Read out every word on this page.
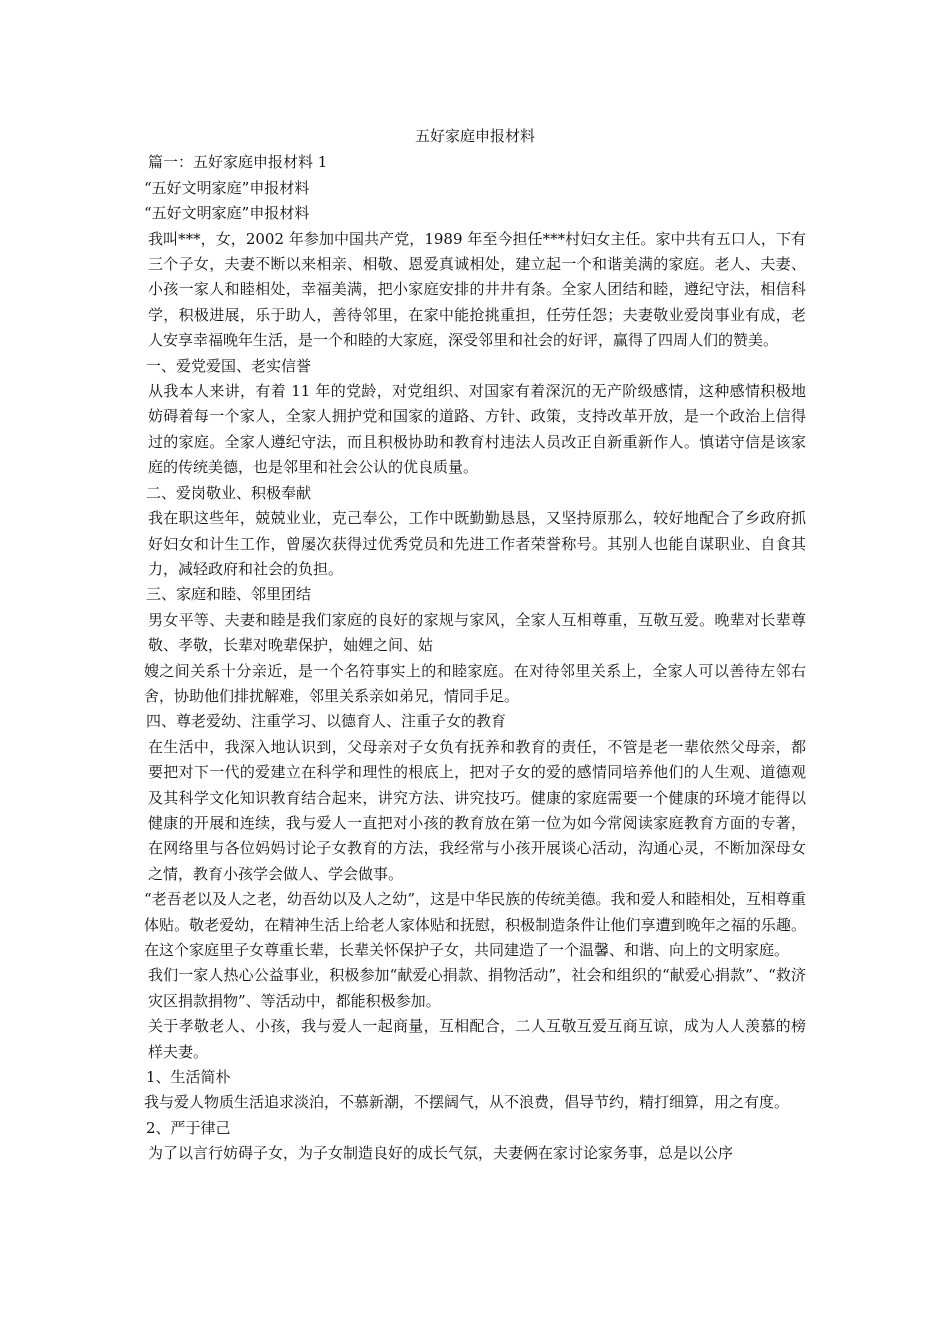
五好家庭申报材料

篇一：五好家庭申报材料 1

“五好文明家庭”申报材料

“五好文明家庭”申报材料

我叫***，女，2002 年参加中国共产党，1989 年至今担任***村妇女主任。家中共有五口人，下有三个子女，夫妻不断以来相亲、相敬、恩爱真诚相处，建立起一个和谐美满的家庭。老人、夫妻、小孩一家人和睦相处，幸福美满，把小家庭安排的井井有条。全家人团结和睦，遵纪守法，相信科学，积极进展，乐于助人，善待邻里，在家中能抢挑重担，任劳任怨；夫妻敬业爱岗事业有成，老人安享幸福晚年生活，是一个和睦的大家庭，深受邻里和社会的好评，赢得了四周人们的赞美。

一、爱党爱国、老实信誉

从我本人来讲，有着 11 年的党龄，对党组织、对国家有着深沉的无产阶级感情，这种感情积极地妨碍着每一个家人，全家人拥护党和国家的道路、方针、政策，支持改革开放，是一个政治上信得过的家庭。全家人遵纪守法，而且积极协助和教育村违法人员改正自新重新作人。慎诺守信是该家庭的传统美德，也是邻里和社会公认的优良质量。

二、爱岗敬业、积极奉献

我在职这些年，兢兢业业，克己奉公，工作中既勤勤恳恳，又坚持原那么，较好地配合了乡政府抓好妇女和计生工作，曾屡次获得过优秀党员和先进工作者荣誉称号。其别人也能自谋职业、自食其力，减轻政府和社会的负担。

三、家庭和睦、邻里团结

男女平等、夫妻和睦是我们家庭的良好的家规与家风，全家人互相尊重，互敬互爱。晚辈对长辈尊敬、孝敬，长辈对晚辈保护，妯娌之间、姑

嫂之间关系十分亲近，是一个名符事实上的和睦家庭。在对待邻里关系上，全家人可以善待左邻右舍，协助他们排扰解难，邻里关系亲如弟兄，情同手足。

四、尊老爱幼、注重学习、以德育人、注重子女的教育

在生活中，我深入地认识到，父母亲对子女负有抚养和教育的责任，不管是老一辈依然父母亲，都要把对下一代的爱建立在科学和理性的根底上，把对子女的爱的感情同培养他们的人生观、道德观及其科学文化知识教育结合起来，讲究方法、讲究技巧。健康的家庭需要一个健康的环境才能得以健康的开展和连续，我与爱人一直把对小孩的教育放在第一位为如今常阅读家庭教育方面的专著，在网络里与各位妈妈讨论子女教育的方法，我经常与小孩开展谈心活动，沟通心灵，不断加深母女之情，教育小孩学会做人、学会做事。

“老吾老以及人之老，幼吾幼以及人之幼”，这是中华民族的传统美德。我和爱人和睦相处，互相尊重体贴。敬老爱幼，在精神生活上给老人家体贴和抚慰，积极制造条件让他们享遭到晚年之福的乐趣。在这个家庭里子女尊重长辈，长辈关怀保护子女，共同建造了一个温馨、和谐、向上的文明家庭。

我们一家人热心公益事业，积极参加“献爱心捐款、捐物活动”，社会和组织的“献爱心捐款”、“救济灾区捐款捐物”、等活动中，都能积极参加。

关于孝敬老人、小孩，我与爱人一起商量，互相配合，二人互敬互爱互商互谅，成为人人羡慕的榜样夫妻。

1、生活简朴

我与爱人物质生活追求淡泊，不慕新潮，不摆阔气，从不浪费，倡导节约，精打细算，用之有度。

2、严于律己

为了以言行妨碍子女，为子女制造良好的成长气氛，夫妻俩在家讨论家务事，总是以公序
